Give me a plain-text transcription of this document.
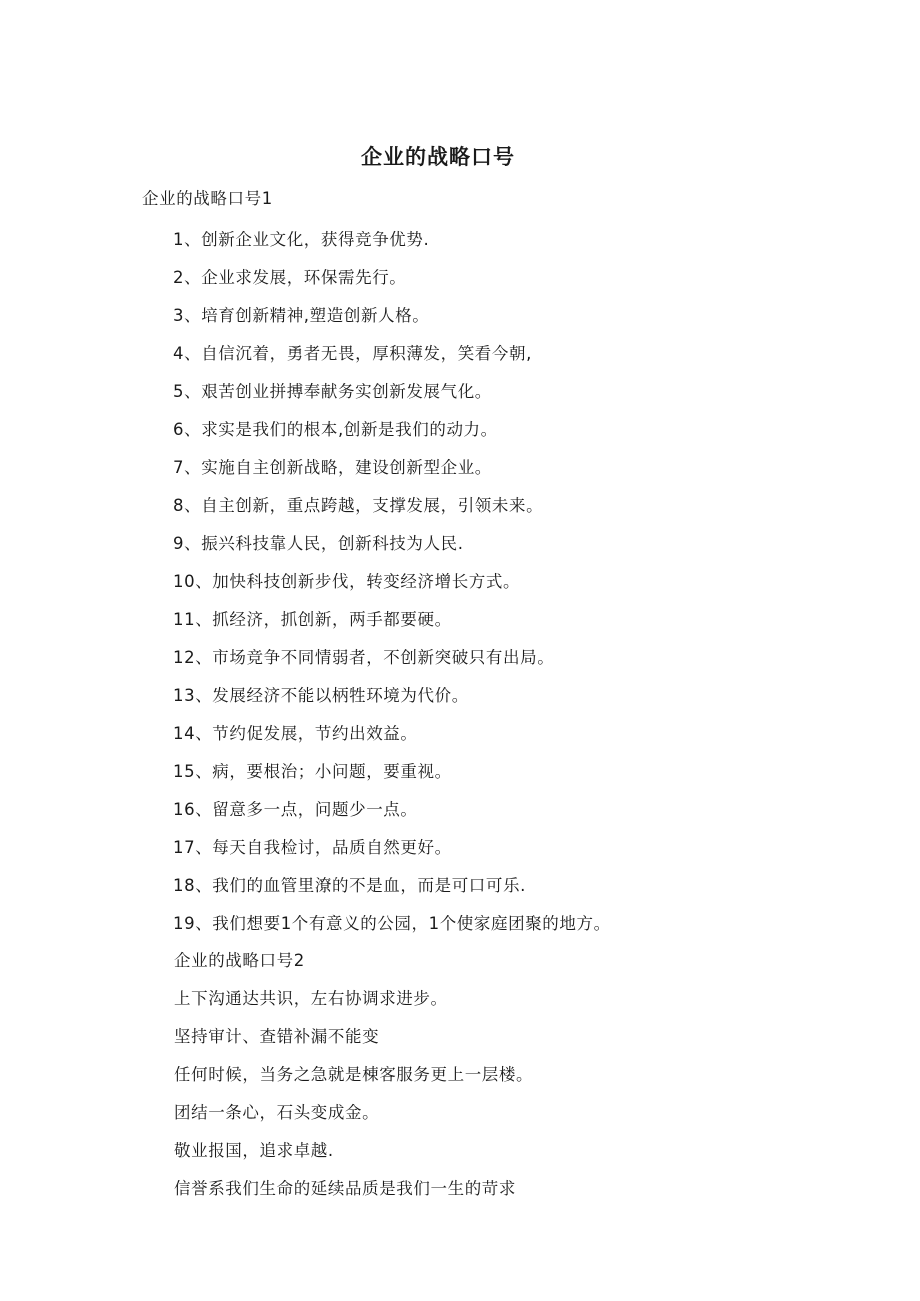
企业的战略口号
企业的战略口号1
1、创新企业文化，获得竞争优势.
2、企业求发展，环保需先行。
3、培育创新精神,塑造创新人格。
4、自信沉着，勇者无畏，厚积薄发，笑看今朝,
5、艰苦创业拼搏奉献务实创新发展气化。
6、求实是我们的根本,创新是我们的动力。
7、实施自主创新战略，建设创新型企业。
8、自主创新，重点跨越，支撑发展，引领未来。
9、振兴科技靠人民，创新科技为人民.
10、加快科技创新步伐，转变经济增长方式。
11、抓经济，抓创新，两手都要硬。
12、市场竞争不同情弱者，不创新突破只有出局。
13、发展经济不能以柄牲环境为代价。
14、节约促发展，节约出效益。
15、病，要根治；小问题，要重视。
16、留意多一点，问题少一点。
17、每天自我检讨，品质自然更好。
18、我们的血管里潦的不是血，而是可口可乐.
19、我们想要1个有意义的公园，1个使家庭团聚的地方。
企业的战略口号2
上下沟通达共识，左右协调求进步。
坚持审计、查错补漏不能变
任何时候，当务之急就是棟客服务更上一层楼。
团结一条心，石头变成金。
敬业报国，追求卓越.
信誉系我们生命的延续品质是我们一生的苛求
